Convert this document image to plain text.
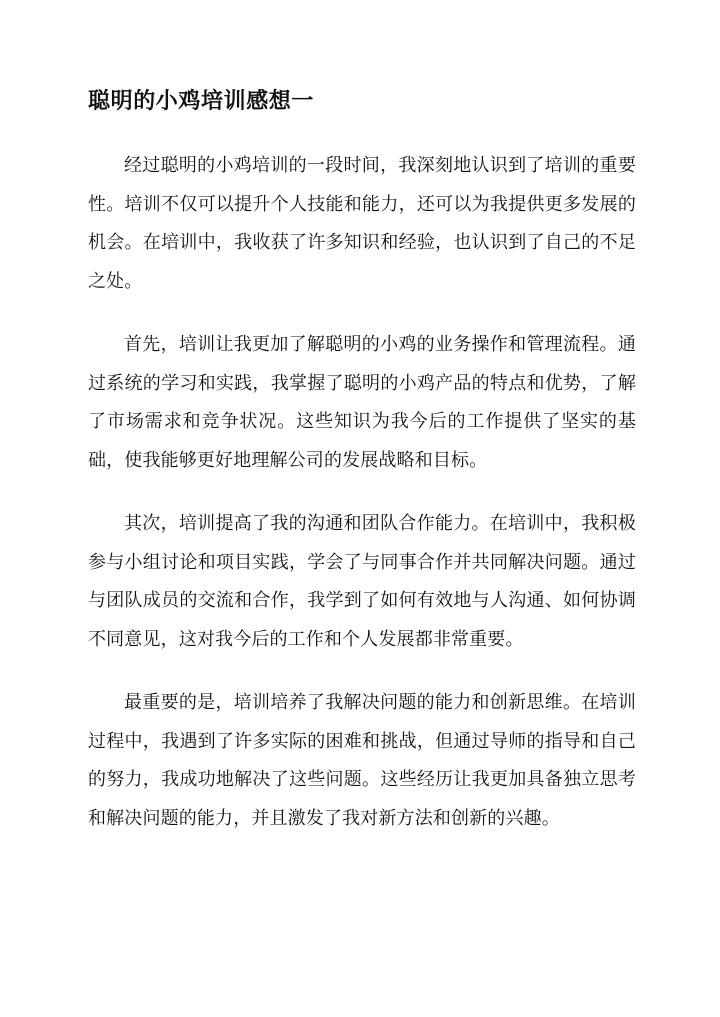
聪明的小鸡培训感想一

经过聪明的小鸡培训的一段时间，我深刻地认识到了培训的重要性。培训不仅可以提升个人技能和能力，还可以为我提供更多发展的机会。在培训中，我收获了许多知识和经验，也认识到了自己的不足之处。

首先，培训让我更加了解聪明的小鸡的业务操作和管理流程。通过系统的学习和实践，我掌握了聪明的小鸡产品的特点和优势，了解了市场需求和竞争状况。这些知识为我今后的工作提供了坚实的基础，使我能够更好地理解公司的发展战略和目标。

其次，培训提高了我的沟通和团队合作能力。在培训中，我积极参与小组讨论和项目实践，学会了与同事合作并共同解决问题。通过与团队成员的交流和合作，我学到了如何有效地与人沟通、如何协调不同意见，这对我今后的工作和个人发展都非常重要。

最重要的是，培训培养了我解决问题的能力和创新思维。在培训过程中，我遇到了许多实际的困难和挑战，但通过导师的指导和自己的努力，我成功地解决了这些问题。这些经历让我更加具备独立思考和解决问题的能力，并且激发了我对新方法和创新的兴趣。
